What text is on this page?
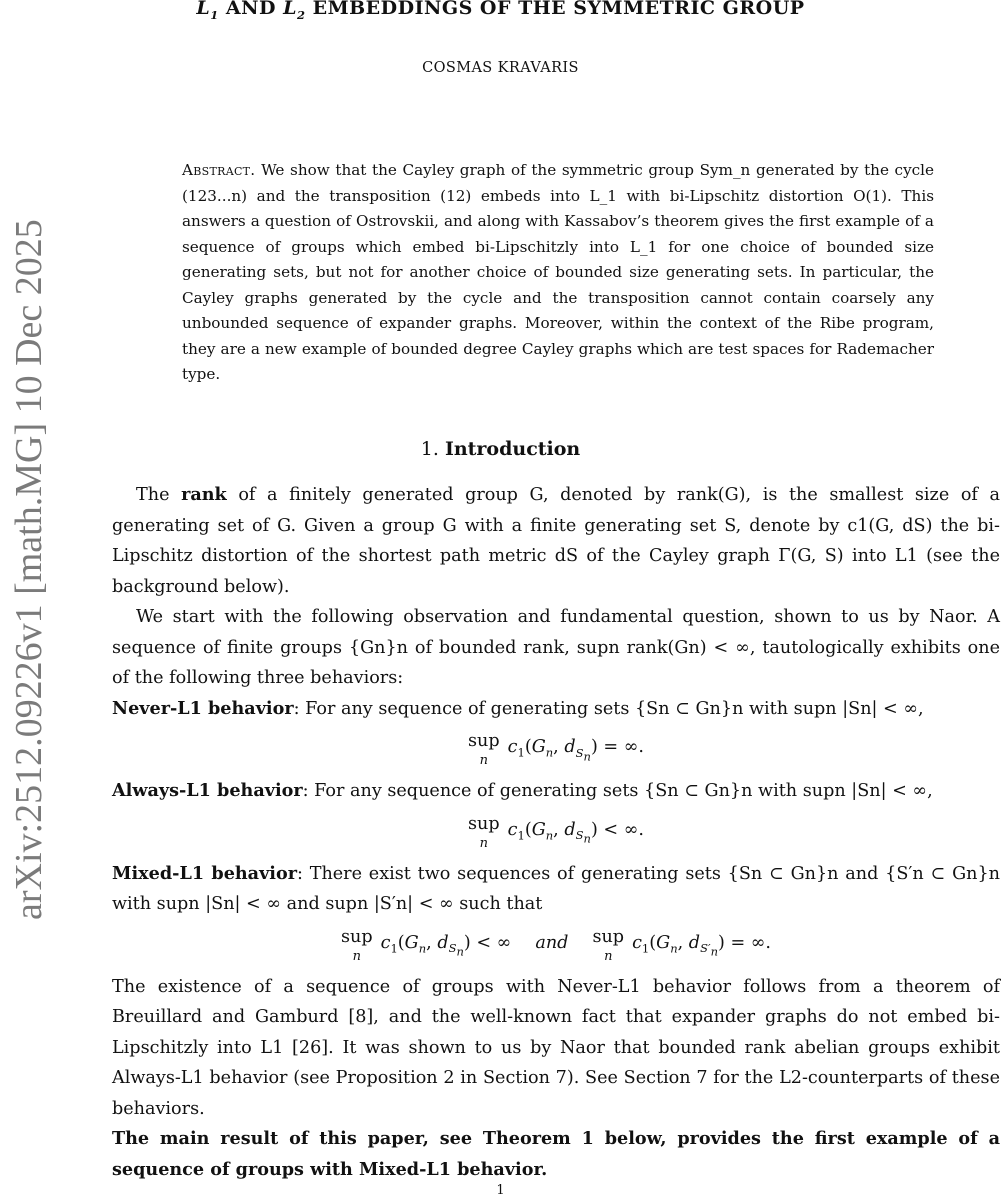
$L_1$ AND $L_2$ EMBEDDINGS OF THE SYMMETRIC GROUP
COSMAS KRAVARIS
arXiv:2512.09226v1 [math.MG] 10 Dec 2025
Abstract. We show that the Cayley graph of the symmetric group Sym_n generated by the cycle (123...n) and the transposition (12) embeds into L_1 with bi-Lipschitz distortion O(1). This answers a question of Ostrovskii, and along with Kassabov’s theorem gives the first example of a sequence of groups which embed bi-Lipschitzly into L_1 for one choice of bounded size generating sets, but not for another choice of bounded size generating sets. In particular, the Cayley graphs generated by the cycle and the transposition cannot contain coarsely any unbounded sequence of expander graphs. Moreover, within the context of the Ribe program, they are a new example of bounded degree Cayley graphs which are test spaces for Rademacher type.
1. Introduction

The rank of a finitely generated group G, denoted by rank(G), is the smallest size of a generating set of G. Given a group G with a finite generating set S, denote by c1(G, dS) the bi-Lipschitz distortion of the shortest path metric dS of the Cayley graph Γ(G, S) into L1 (see the background below).

We start with the following observation and fundamental question, shown to us by Naor. A sequence of finite groups {Gn}n of bounded rank, supn rank(Gn) < ∞, tautologically exhibits one of the following three behaviors:

Never-L1 behavior: For any sequence of generating sets {Sn ⊂ Gn}n with supn |Sn| < ∞,

sup
n
$c_1(G_n$, $d_{S_n}$) = ∞.

Always-L1 behavior: For any sequence of generating sets {Sn ⊂ Gn}n with supn |Sn| < ∞,

sup
n
$c_1(G_n$, $d_{S_n}$) < ∞.

Mixed-L1 behavior: There exist two sequences of generating sets {Sn ⊂ Gn}n and {S′n ⊂ Gn}n with supn |Sn| < ∞ and supn |S′n| < ∞ such that

sup
n
$c_1(G_n$, $d_{S_n}$) < ∞ and sup
n
$c_1(G_n$, $d_{S'_n}$) = ∞.

The existence of a sequence of groups with Never-L1 behavior follows from a theorem of Breuillard and Gamburd [8], and the well-known fact that expander graphs do not embed bi-Lipschitzly into L1 [26]. It was shown to us by Naor that bounded rank abelian groups exhibit Always-L1 behavior (see Proposition 2 in Section 7). See Section 7 for the L2-counterparts of these behaviors.

The main result of this paper, see Theorem 1 below, provides the first example of a sequence of groups with Mixed-L1 behavior.

1
